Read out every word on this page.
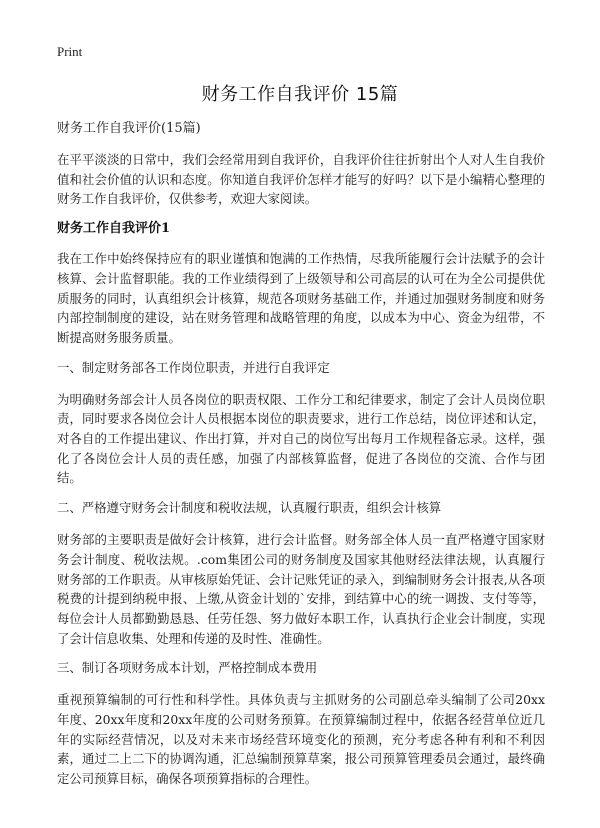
Print
财务工作自我评价 15篇
财务工作自我评价(15篇)

在平平淡淡的日常中，我们会经常用到自我评价，自我评价往往折射出个人对人生自我价值和社会价值的认识和态度。你知道自我评价怎样才能写的好吗？以下是小编精心整理的财务工作自我评价，仅供参考，欢迎大家阅读。

财务工作自我评价1

我在工作中始终保持应有的职业谨慎和饱满的工作热情，尽我所能履行会计法赋予的会计核算、会计监督职能。我的工作业绩得到了上级领导和公司高层的认可在为全公司提供优质服务的同时，认真组织会计核算，规范各项财务基础工作，并通过加强财务制度和财务内部控制制度的建设，站在财务管理和战略管理的角度，以成本为中心、资金为纽带，不断提高财务服务质量。

一、制定财务部各工作岗位职责，并进行自我评定

为明确财务部会计人员各岗位的职责权限、工作分工和纪律要求，制定了会计人员岗位职责，同时要求各岗位会计人员根据本岗位的职责要求，进行工作总结，岗位评述和认定，对各自的工作提出建议、作出打算，并对自己的岗位写出每月工作规程备忘录。这样，强化了各岗位会计人员的责任感，加强了内部核算监督，促进了各岗位的交流、合作与团结。

二、严格遵守财务会计制度和税收法规，认真履行职责，组织会计核算

财务部的主要职责是做好会计核算，进行会计监督。财务部全体人员一直严格遵守国家财务会计制度、税收法规。.com集团公司的财务制度及国家其他财经法律法规，认真履行财务部的工作职责。从审核原始凭证、会计记账凭证的录入，到编制财务会计报表,从各项税费的计提到纳税申报、上缴,从资金计划的`安排，到结算中心的统一调拨、支付等等，每位会计人员都勤勤恳恳、任劳任怨、努力做好本职工作，认真执行企业会计制度，实现了会计信息收集、处理和传递的及时性、准确性。

三、制订各项财务成本计划，严格控制成本费用

重视预算编制的可行性和科学性。具体负责与主抓财务的公司副总牵头编制了公司20xx年度、20xx年度和20xx年度的公司财务预算。在预算编制过程中，依据各经营单位近几年的实际经营情况，以及对未来市场经营环境变化的预测，充分考虑各种有利和不利因素，通过二上二下的协调沟通，汇总编制预算草案，报公司预算管理委员会通过，最终确定公司预算目标，确保各项预算指标的合理性。
